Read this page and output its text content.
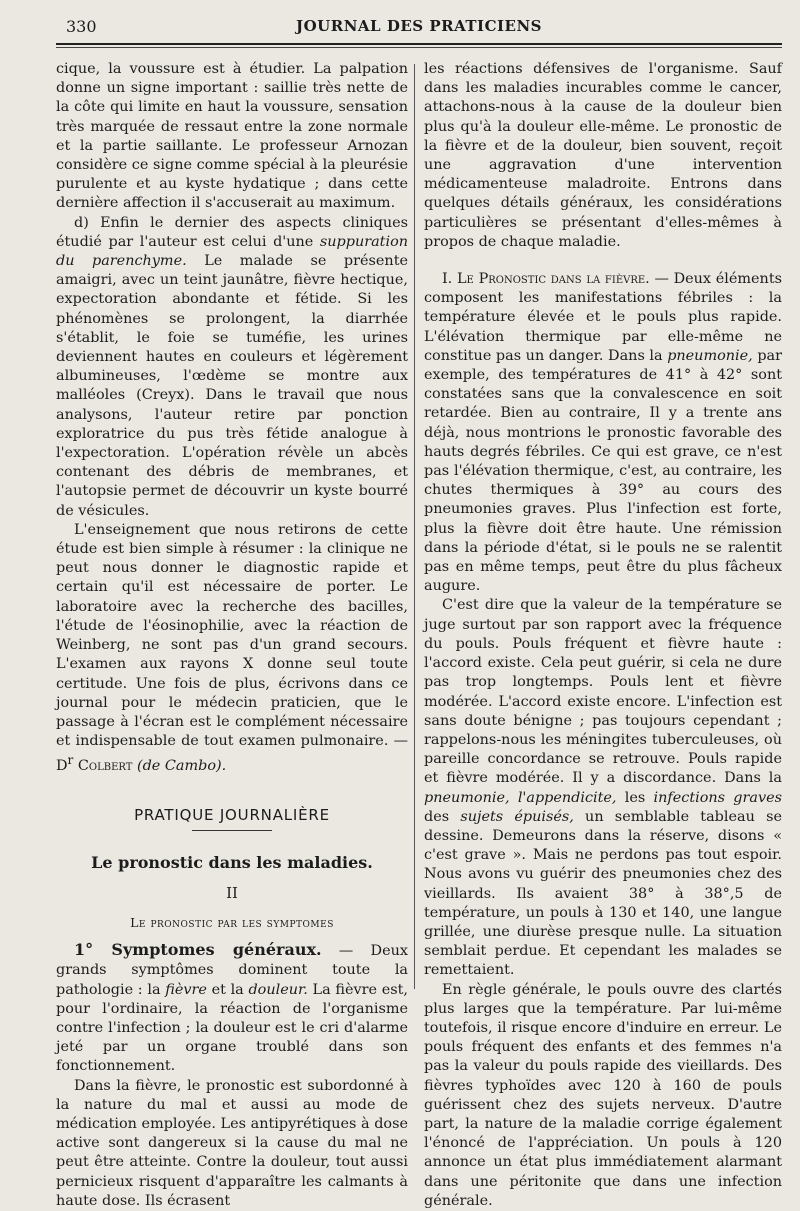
330	JOURNAL DES PRATICIENS

cique, la voussure est à étudier. La palpation donne un signe important : saillie très nette de la côte qui limite en haut la voussure, sensation très marquée de ressaut entre la zone normale et la partie saillante. Le professeur Arnozan considère ce signe comme spécial à la pleurésie purulente et au kyste hydatique ; dans cette dernière affection il s'accuserait au maximum.

d) Enfin le dernier des aspects cliniques étudié par l'auteur est celui d'une suppuration du parenchyme. Le malade se présente amaigri, avec un teint jaunâtre, fièvre hectique, expectoration abondante et fétide. Si les phénomènes se prolongent, la diarrhée s'établit, le foie se tuméfie, les urines deviennent hautes en couleurs et légèrement albumineuses, l'œdème se montre aux malléoles (Creyx). Dans le travail que nous analysons, l'auteur retire par ponction exploratrice du pus très fétide analogue à l'expectoration. L'opération révèle un abcès contenant des débris de membranes, et l'autopsie permet de découvrir un kyste bourré de vésicules.

L'enseignement que nous retirons de cette étude est bien simple à résumer : la clinique ne peut nous donner le diagnostic rapide et certain qu'il est nécessaire de porter. Le laboratoire avec la recherche des bacilles, l'étude de l'éosinophilie, avec la réaction de Weinberg, ne sont pas d'un grand secours. L'examen aux rayons X donne seul toute certitude. Une fois de plus, écrivons dans ce journal pour le médecin praticien, que le passage à l'écran est le complément nécessaire et indispensable de tout examen pulmonaire. — $D^r$ Colbert (de Cambo).

PRATIQUE JOURNALIÈRE
Le pronostic dans les maladies.
II
Le pronostic par les symptomes

1° Symptomes généraux. — Deux grands symptômes dominent toute la pathologie : la fièvre et la douleur. La fièvre est, pour l'ordinaire, la réaction de l'organisme contre l'infection ; la douleur est le cri d'alarme jeté par un organe troublé dans son fonctionnement.

Dans la fièvre, le pronostic est subordonné à la nature du mal et aussi au mode de médication employée. Les antipyrétiques à dose active sont dangereux si la cause du mal ne peut être atteinte. Contre la douleur, tout aussi pernicieux risquent d'apparaître les calmants à haute dose. Ils écrasent

les réactions défensives de l'organisme. Sauf dans les maladies incurables comme le cancer, attachons-nous à la cause de la douleur bien plus qu'à la douleur elle-même. Le pronostic de la fièvre et de la douleur, bien souvent, reçoit une aggravation d'une intervention médicamenteuse maladroite. Entrons dans quelques détails généraux, les considérations particulières se présentant d'elles-mêmes à propos de chaque maladie.

I. Le Pronostic dans la fièvre. — Deux éléments composent les manifestations fébriles : la température élevée et le pouls plus rapide. L'élévation thermique par elle-même ne constitue pas un danger. Dans la pneumonie, par exemple, des températures de 41° à 42° sont constatées sans que la convalescence en soit retardée. Bien au contraire, Il y a trente ans déjà, nous montrions le pronostic favorable des hauts degrés fébriles. Ce qui est grave, ce n'est pas l'élévation thermique, c'est, au contraire, les chutes thermiques à 39° au cours des pneumonies graves. Plus l'infection est forte, plus la fièvre doit être haute. Une rémission dans la période d'état, si le pouls ne se ralentit pas en même temps, peut être du plus fâcheux augure.

C'est dire que la valeur de la température se juge surtout par son rapport avec la fréquence du pouls. Pouls fréquent et fièvre haute : l'accord existe. Cela peut guérir, si cela ne dure pas trop longtemps. Pouls lent et fièvre modérée. L'accord existe encore. L'infection est sans doute bénigne ; pas toujours cependant ; rappelons-nous les méningites tuberculeuses, où pareille concordance se retrouve. Pouls rapide et fièvre modérée. Il y a discordance. Dans la pneumonie, l'appendicite, les infections graves des sujets épuisés, un semblable tableau se dessine. Demeurons dans la réserve, disons « c'est grave ». Mais ne perdons pas tout espoir. Nous avons vu guérir des pneumonies chez des vieillards. Ils avaient 38° à 38°,5 de température, un pouls à 130 et 140, une langue grillée, une diurèse presque nulle. La situation semblait perdue. Et cependant les malades se remettaient.

En règle générale, le pouls ouvre des clartés plus larges que la température. Par lui-même toutefois, il risque encore d'induire en erreur. Le pouls fréquent des enfants et des femmes n'a pas la valeur du pouls rapide des vieillards. Des fièvres typhoïdes avec 120 à 160 de pouls guérissent chez des sujets nerveux. D'autre part, la nature de la maladie corrige également l'énoncé de l'appréciation. Un pouls à 120 annonce un état plus immédiatement alarmant dans une péritonite que dans une infection générale.
